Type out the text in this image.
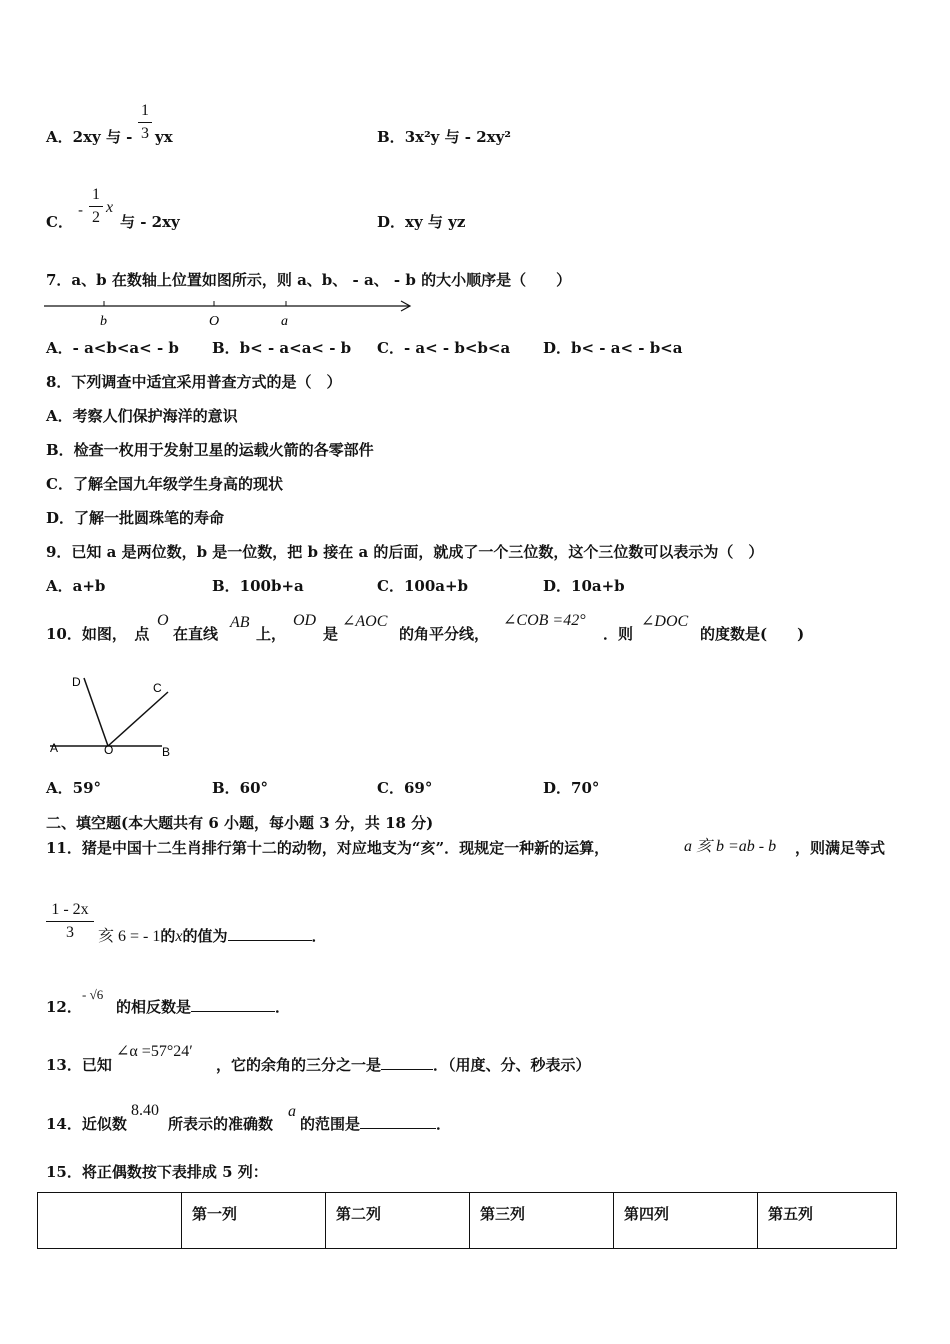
A．2xy 与 -
1
3 yx	B．3x²y 与 - 2xy²
C．
-
1
2
x
与 - 2xy	D．xy 与 yz
7．a、b 在数轴上位置如图所示，则 a、b、 - a、 - b 的大小顺序是（　　）
b	O	a
A．- a<b<a< - b B．b< - a<a< - b C．- a< - b<b<a D．b< - a< - b<a
8．下列调查中适宜采用普查方式的是（　）
A．考察人们保护海洋的意识
B．检查一枚用于发射卫星的运载火箭的各零部件
C．了解全国九年级学生身高的现状
D．了解一批圆珠笔的寿命
9．已知 a 是两位数，b 是一位数，把 b 接在 a 的后面，就成了一个三位数，这个三位数可以表示为（　）
A．a+b	B．100b+a	C．100a+b	D．10a+b
10．如图，　点
O
在直线
AB
上，
OD
是
∠AOC
的角平分线，
∠COB =42°
．则
∠DOC
的度数是(　　)
D	C
A	O	B
A．59°	B．60°	C．69°	D．70°
二、填空题(本大题共有 6 小题，每小题 3 分，共 18 分)
11．猪是中国十二生肖排行第十二的动物，对应地支为“亥”．现规定一种新的运算，	a 亥 b =ab - b ，则满足等式
1 - 2x
3	亥 6 = - 1的x的值为	．
12．
- √6
的相反数是	．
13．已知
∠α =57°24′
，它的余角的三分之一是	．（用度、分、秒表示）
14．近似数
8.40
所表示的准确数
a
的范围是	．
15．将正偶数按下表排成 5 列：
	第一列	第二列	第三列	第四列	第五列
